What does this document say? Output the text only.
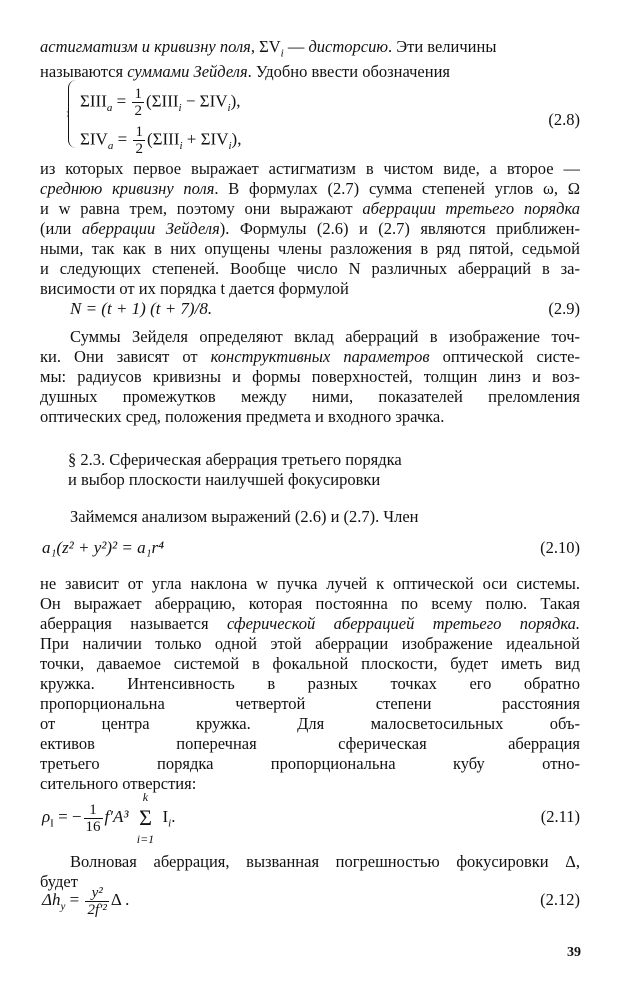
астигматизм и кривизну поля, $\Sigma V_i$ — дисторсию. Эти величины
называются суммами Зейделя. Удобно ввести обозначения
$\Sigma III_a = \frac{1}{2} (\Sigma III_i - \Sigma IV_i)$,
$\Sigma IV_a = \frac{1}{2} (\Sigma III_i + \Sigma IV_i)$,
(2.8)
из которых первое выражает астигматизм в чистом виде, а второе —
среднюю кривизну поля. В формулах (2.7) сумма степеней углов ω, Ω
и w равна трем, поэтому они выражают аберрации третьего порядка
(или аберрации Зейделя). Формулы (2.6) и (2.7) являются приближен-
ными, так как в них опущены члены разложения в ряд пятой, седьмой
и следующих степеней. Вообще число N различных аберраций в за-
висимости от их порядка t дается формулой
N = (t + 1) (t + 7)/8.	(2.9)
Суммы Зейделя определяют вклад аберраций в изображение точ-
ки. Они зависят от конструктивных параметров оптической систе-
мы: радиусов кривизны и формы поверхностей, толщин линз и воз-
душных промежутков между ними, показателей преломления
оптических сред, положения предмета и входного зрачка.
§ 2.3. Сферическая аберрация третьего порядка
и выбор плоскости наилучшей фокусировки
Займемся анализом выражений (2.6) и (2.7). Член
a₁(z² + y²)² = a₁r⁴	(2.10)
не зависит от угла наклона w пучка лучей к оптической оси системы.
Он выражает аберрацию, которая постоянна по всему полю. Такая
аберрация называется сферической аберрацией третьего порядка.
При наличии только одной этой аберрации изображение идеальной
точки, даваемое системой в фокальной плоскости, будет иметь вид
кружка. Интенсивность в разных точках его обратно
пропорциональна четвертой степени расстояния
от центра кружка. Для малосветосильных объ-
ективов поперечная сферическая аберрация
третьего порядка пропорциональна кубу отно-
сительного отверстия:
$\rho_I$ = − $\frac{1}{16} f'A^3$ Σ
k
i=1
$I_i$.	(2.11)
Волновая аберрация, вызванная погрешностью фокусировки Δ,
будет
$\Delta h_y = \frac{\text{y²}}{\text{2f′²}}$ Δ .	(2.12)
39
